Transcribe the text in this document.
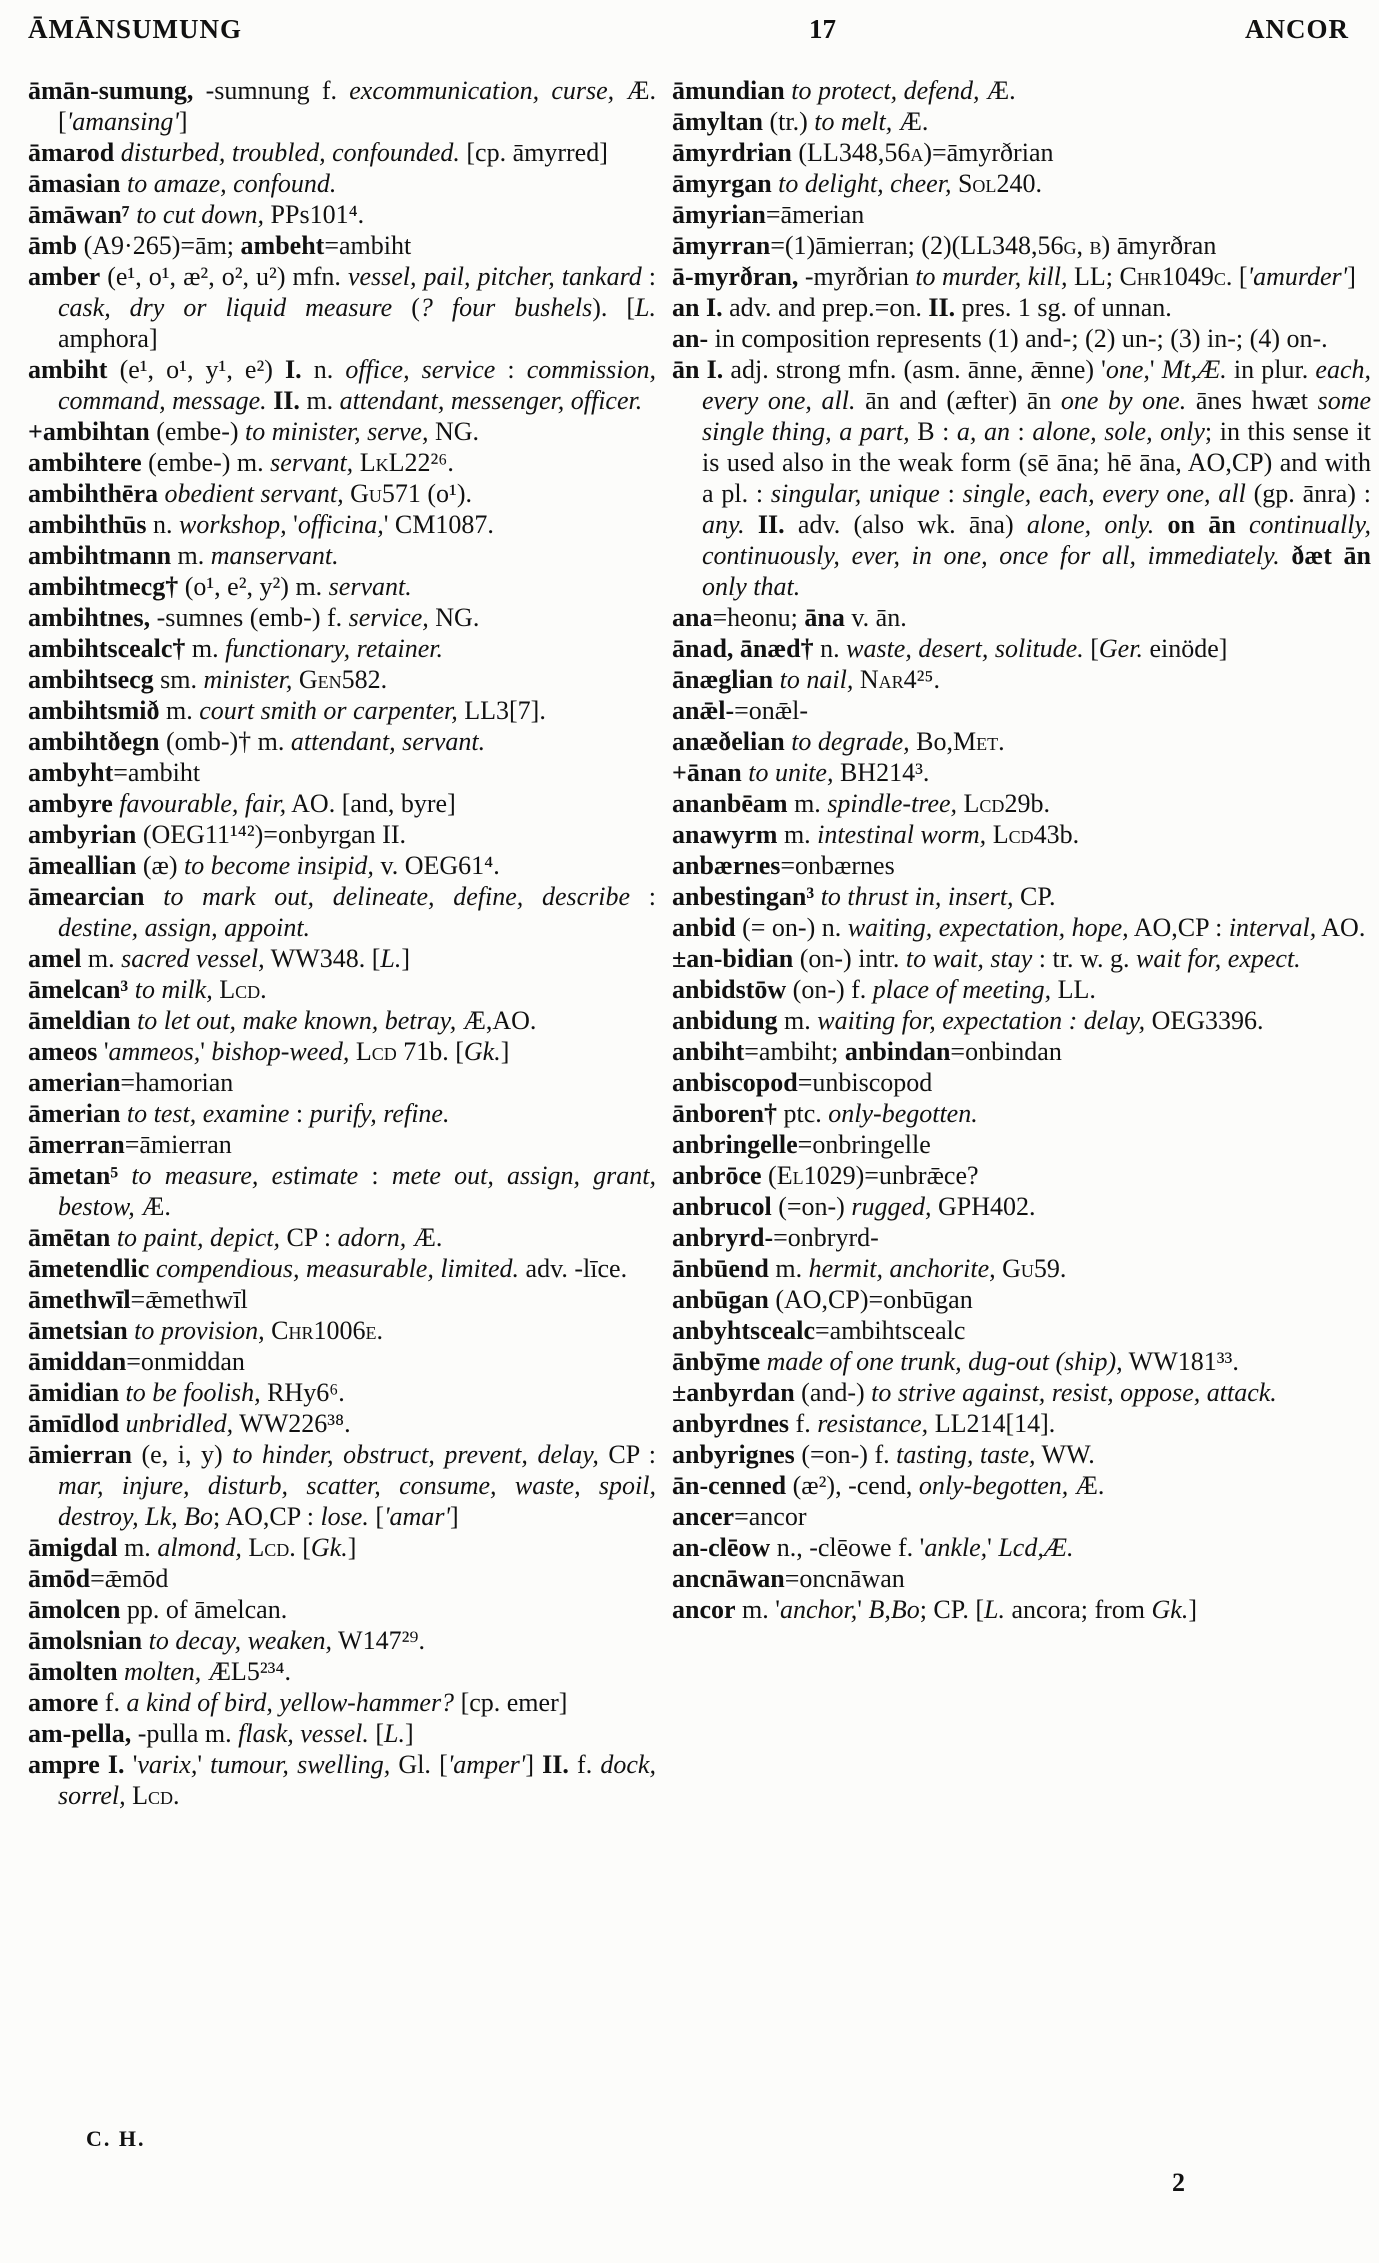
ĀMĀNSUMUNG	17	ANCOR

āmān-sumung, -sumnung f. excommunication, curse, Æ. ['amansing']

āmarod disturbed, troubled, confounded. [cp. āmyrred]

āmasian to amaze, confound.

āmāwan⁷ to cut down, PPs101⁴.

āmb (A9·265)=ām; ambeht=ambiht

amber (e¹, o¹, æ², o², u²) mfn. vessel, pail, pitcher, tankard : cask, dry or liquid measure (? four bushels). [L. amphora]

ambiht (e¹, o¹, y¹, e²) I. n. office, service : commission, command, message. II. m. attendant, messenger, officer.

+ambihtan (embe-) to minister, serve, NG.

ambihtere (embe-) m. servant, LkL22²⁶.

ambihthēra obedient servant, Gu571 (o¹).

ambihthūs n. workshop, 'officina,' CM1087.

ambihtmann m. manservant.

ambihtmecg† (o¹, e², y²) m. servant.

ambihtnes, -sumnes (emb-) f. service, NG.

ambihtscealc† m. functionary, retainer.

ambihtsecg sm. minister, Gen582.

ambihtsmið m. court smith or carpenter, LL3[7].

ambihtðegn (omb-)† m. attendant, servant.

ambyht=ambiht

ambyre favourable, fair, AO. [and, byre]

ambyrian (OEG11¹⁴²)=onbyrgan II.

āmeallian (æ) to become insipid, v. OEG61⁴.

āmearcian to mark out, delineate, define, describe : destine, assign, appoint.

amel m. sacred vessel, WW348. [L.]

āmelcan³ to milk, Lcd.

āmeldian to let out, make known, betray, Æ,AO.

ameos 'ammeos,' bishop-weed, Lcd 71b. [Gk.]

amerian=hamorian

āmerian to test, examine : purify, refine.

āmerran=āmierran

āmetan⁵ to measure, estimate : mete out, assign, grant, bestow, Æ.

āmētan to paint, depict, CP : adorn, Æ.

āmetendlic compendious, measurable, limited. adv. -līce.

āmethwīl=ǣmethwīl

āmetsian to provision, Chr1006e.

āmiddan=onmiddan

āmidian to be foolish, RHy6⁶.

āmīdlod unbridled, WW226³⁸.

āmierran (e, i, y) to hinder, obstruct, prevent, delay, CP : mar, injure, disturb, scatter, consume, waste, spoil, destroy, Lk, Bo; AO,CP : lose. ['amar']

āmigdal m. almond, Lcd. [Gk.]

āmōd=ǣmōd

āmolcen pp. of āmelcan.

āmolsnian to decay, weaken, W147²⁹.

āmolten molten, ÆL5²³⁴.

amore f. a kind of bird, yellow-hammer? [cp. emer]

am-pella, -pulla m. flask, vessel. [L.]

ampre I. 'varix,' tumour, swelling, Gl. ['amper'] II. f. dock, sorrel, Lcd.

āmundian to protect, defend, Æ.

āmyltan (tr.) to melt, Æ.

āmyrdrian (LL348,56a)=āmyrðrian

āmyrgan to delight, cheer, Sol240.

āmyrian=āmerian

āmyrran=(1)āmierran; (2)(LL348,56g, b) āmyrðran

ā-myrðran, -myrðrian to murder, kill, LL; Chr1049c. ['amurder']

an I. adv. and prep.=on. II. pres. 1 sg. of unnan.

an- in composition represents (1) and-; (2) un-; (3) in-; (4) on-.

ān I. adj. strong mfn. (asm. ānne, ǣnne) 'one,' Mt,Æ. in plur. each, every one, all. ān and (æfter) ān one by one. ānes hwæt some single thing, a part, B : a, an : alone, sole, only; in this sense it is used also in the weak form (sē āna; hē āna, AO,CP) and with a pl. : singular, unique : single, each, every one, all (gp. ānra) : any. II. adv. (also wk. āna) alone, only. on ān continually, continuously, ever, in one, once for all, immediately. ðæt ān only that.

ana=heonu; āna v. ān.

ānad, ānæd† n. waste, desert, solitude. [Ger. einöde]

ānæglian to nail, Nar4²⁵.

anǣl-=onǣl-

anæðelian to degrade, Bo,Met.

+ānan to unite, BH214³.

ananbēam m. spindle-tree, Lcd29b.

anawyrm m. intestinal worm, Lcd43b.

anbærnes=onbærnes

anbestingan³ to thrust in, insert, CP.

anbid (= on-) n. waiting, expectation, hope, AO,CP : interval, AO.

±an-bidian (on-) intr. to wait, stay : tr. w. g. wait for, expect.

anbidstōw (on-) f. place of meeting, LL.

anbidung m. waiting for, expectation : delay, OEG3396.

anbiht=ambiht; anbindan=onbindan

anbiscopod=unbiscopod

ānboren† ptc. only-begotten.

anbringelle=onbringelle

anbrōce (El1029)=unbrǣce?

anbrucol (=on-) rugged, GPH402.

anbryrd-=onbryrd-

ānbūend m. hermit, anchorite, Gu59.

anbūgan (AO,CP)=onbūgan

anbyhtscealc=ambihtscealc

ānbȳme made of one trunk, dug-out (ship), WW181³³.

±anbyrdan (and-) to strive against, resist, oppose, attack.

anbyrdnes f. resistance, LL214[14].

anbyrignes (=on-) f. tasting, taste, WW.

ān-cenned (æ²), -cend, only-begotten, Æ.

ancer=ancor

an-clēow n., -clēowe f. 'ankle,' Lcd,Æ.

ancnāwan=oncnāwan

ancor m. 'anchor,' B,Bo; CP. [L. ancora; from Gk.]

C. H.
2
